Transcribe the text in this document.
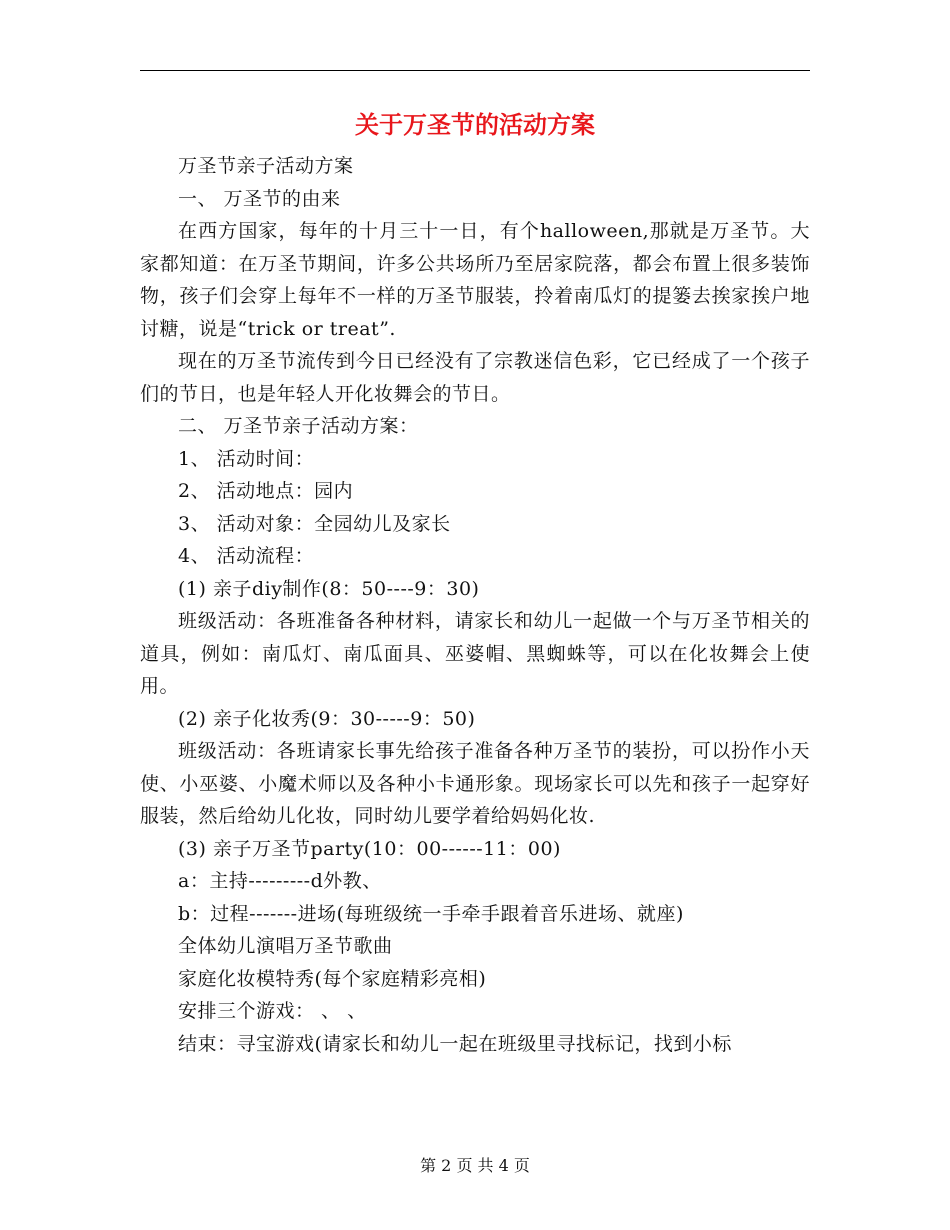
关于万圣节的活动方案

万圣节亲子活动方案

一、 万圣节的由来

在西方国家，每年的十月三十一日，有个halloween,那就是万圣节。大家都知道：在万圣节期间，许多公共场所乃至居家院落，都会布置上很多装饰物，孩子们会穿上每年不一样的万圣节服装，拎着南瓜灯的提篓去挨家挨户地讨糖，说是“trick or treat”.

现在的万圣节流传到今日已经没有了宗教迷信色彩，它已经成了一个孩子们的节日，也是年轻人开化妆舞会的节日。

二、 万圣节亲子活动方案：

1、 活动时间：

2、 活动地点：园内

3、 活动对象：全园幼儿及家长

4、 活动流程：

(1) 亲子diy制作(8：50----9：30)

班级活动：各班准备各种材料，请家长和幼儿一起做一个与万圣节相关的道具，例如：南瓜灯、南瓜面具、巫婆帽、黑蜘蛛等，可以在化妆舞会上使用。

(2) 亲子化妆秀(9：30-----9：50)

班级活动：各班请家长事先给孩子准备各种万圣节的装扮，可以扮作小天使、小巫婆、小魔术师以及各种小卡通形象。现场家长可以先和孩子一起穿好服装，然后给幼儿化妆，同时幼儿要学着给妈妈化妆.

(3) 亲子万圣节party(10：00------11：00)

a：主持---------d外教、

b：过程-------进场(每班级统一手牵手跟着音乐进场、就座)

全体幼儿演唱万圣节歌曲

家庭化妆模特秀(每个家庭精彩亮相)

安排三个游戏： 、 、

结束：寻宝游戏(请家长和幼儿一起在班级里寻找标记，找到小标

第 2 页 共 4 页
